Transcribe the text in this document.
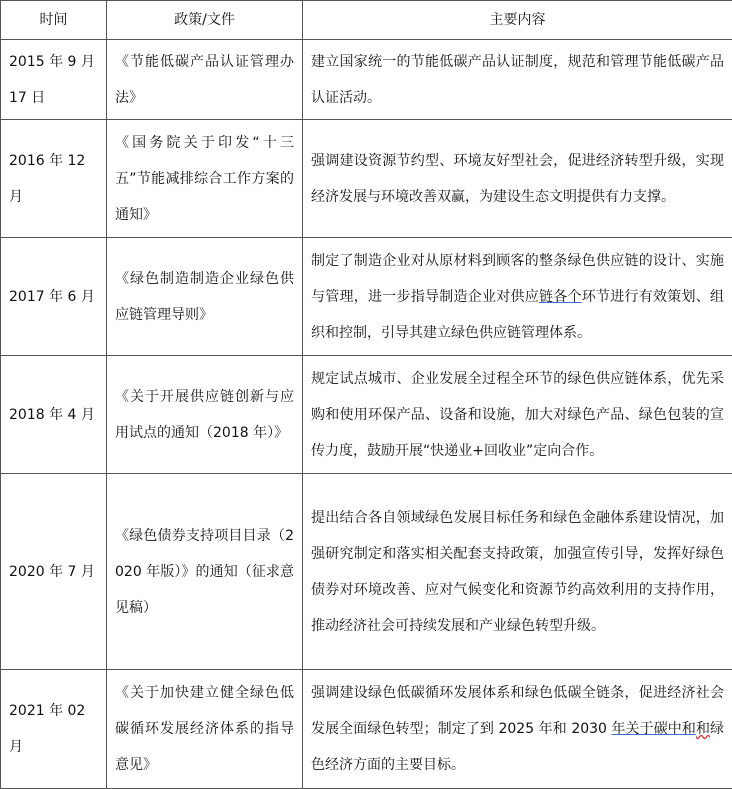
时间	政策/文件	主要内容
2015 年 9 月 17 日	《节能低碳产品认证管理办法》	建立国家统一的节能低碳产品认证制度，规范和管理节能低碳产品认证活动。
2016 年 12 月	《国务院关于印发“十三五”节能减排综合工作方案的通知》	强调建设资源节约型、环境友好型社会，促进经济转型升级，实现经济发展与环境改善双赢，为建设生态文明提供有力支撑。
2017 年 6 月	《绿色制造制造企业绿色供应链管理导则》	制定了制造企业对从原材料到顾客的整条绿色供应链的设计、实施与管理，进一步指导制造企业对供应链各个环节进行有效策划、组织和控制，引导其建立绿色供应链管理体系。
2018 年 4 月	《关于开展供应链创新与应用试点的通知（2018 年）》	规定试点城市、企业发展全过程全环节的绿色供应链体系，优先采购和使用环保产品、设备和设施，加大对绿色产品、绿色包装的宣传力度，鼓励开展“快递业+回收业”定向合作。
2020 年 7 月	《绿色债券支持项目目录（2020 年版）》的通知（征求意见稿）	提出结合各自领域绿色发展目标任务和绿色金融体系建设情况，加强研究制定和落实相关配套支持政策，加强宣传引导，发挥好绿色债券对环境改善、应对气候变化和资源节约高效利用的支持作用，推动经济社会可持续发展和产业绿色转型升级。
2021 年 02 月	《关于加快建立健全绿色低碳循环发展经济体系的指导意见》	强调建设绿色低碳循环发展体系和绿色低碳全链条，促进经济社会发展全面绿色转型；制定了到 2025 年和 2030 年关于碳中和和绿色经济方面的主要目标。
